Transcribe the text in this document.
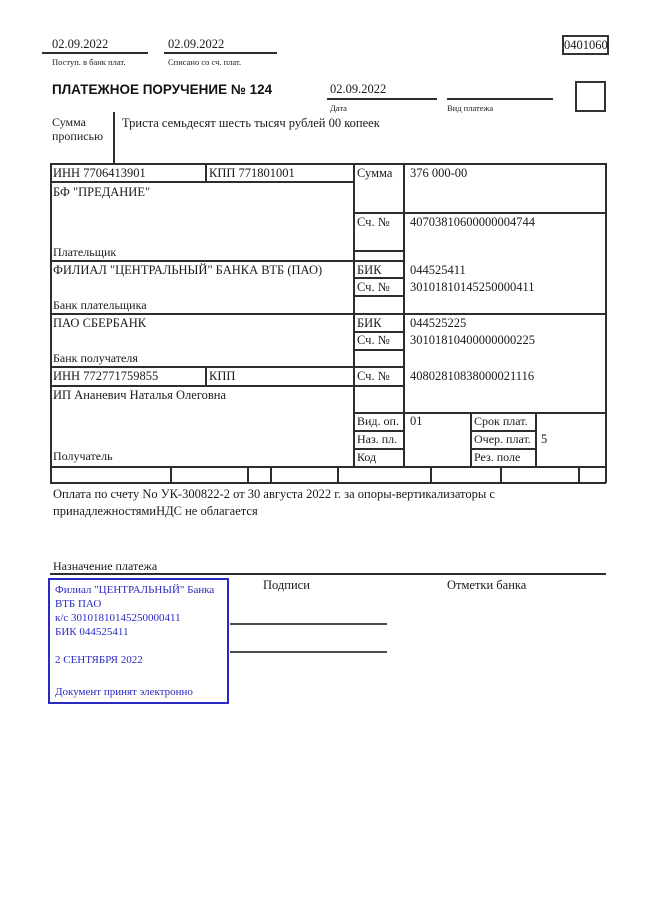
02.09.2022
Поступ. в банк плат.
02.09.2022
Списано со сч. плат.
0401060
ПЛАТЕЖНОЕ ПОРУЧЕНИЕ № 124	02.09.2022
Дата	Вид платежа
Сумма прописью
Триста семьдесят шесть тысяч рублей 00 копеек
ИНН 7706413901	КПП 771801001	Сумма 376 000-00
БФ "ПРЕДАНИЕ"
Сч. № 40703810600000004744
Плательщик
ФИЛИАЛ "ЦЕНТРАЛЬНЫЙ" БАНКА ВТБ (ПАО)	БИК 044525411
Сч. № 30101810145250000411
Банк плательщика
ПАО СБЕРБАНК	БИК 044525225
Сч. № 30101810400000000225
Банк получателя
ИНН 772771759855	КПП	Сч. № 40802810838000021116
ИП Ананевич Наталья Олеговна
Получатель
Вид. оп. 01	Срок плат.
Наз. пл.	Очер. плат. 5
Код	Рез. поле
Оплата по счету No УК-300822-2 от 30 августа 2022 г. за опоры-вертикализаторы с
принадлежностямиНДС не облагается
Назначение платежа
Подписи	Отметки банка

Филиал "ЦЕНТРАЛЬНЫЙ" Банка

ВТБ ПАО

к/с 30101810145250000411

БИК 044525411

2 СЕНТЯБРЯ 2022

Документ принят электронно
